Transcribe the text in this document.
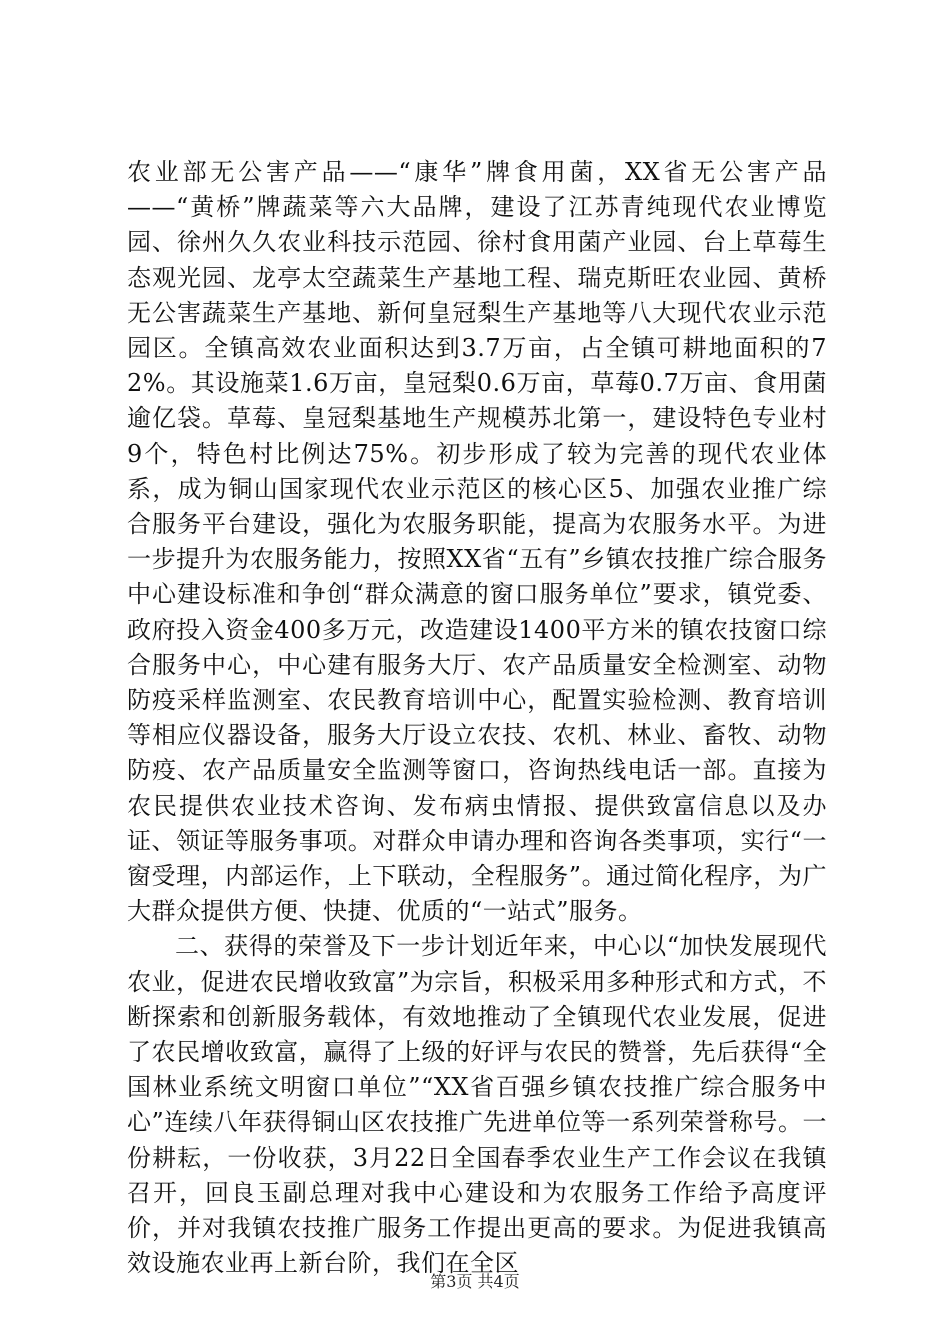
农业部无公害产品——“康华”牌食用菌，XX省无公害产品——“黄桥”牌蔬菜等六大品牌，建设了江苏青纯现代农业博览园、徐州久久农业科技示范园、徐村食用菌产业园、台上草莓生态观光园、龙亭太空蔬菜生产基地工程、瑞克斯旺农业园、黄桥无公害蔬菜生产基地、新何皇冠梨生产基地等八大现代农业示范园区。全镇高效农业面积达到3.7万亩，占全镇可耕地面积的72%。其设施菜1.6万亩，皇冠梨0.6万亩，草莓0.7万亩、食用菌逾亿袋。草莓、皇冠梨基地生产规模苏北第一，建设特色专业村9个，特色村比例达75%。初步形成了较为完善的现代农业体系，成为铜山国家现代农业示范区的核心区5、加强农业推广综合服务平台建设，强化为农服务职能，提高为农服务水平。为进一步提升为农服务能力，按照XX省“五有”乡镇农技推广综合服务中心建设标准和争创“群众满意的窗口服务单位”要求，镇党委、政府投入资金400多万元，改造建设1400平方米的镇农技窗口综合服务中心，中心建有服务大厅、农产品质量安全检测室、动物防疫采样监测室、农民教育培训中心，配置实验检测、教育培训等相应仪器设备，服务大厅设立农技、农机、林业、畜牧、动物防疫、农产品质量安全监测等窗口，咨询热线电话一部。直接为农民提供农业技术咨询、发布病虫情报、提供致富信息以及办证、领证等服务事项。对群众申请办理和咨询各类事项，实行“一窗受理，内部运作，上下联动，全程服务”。通过简化程序，为广大群众提供方便、快捷、优质的“一站式”服务。

二、获得的荣誉及下一步计划近年来，中心以“加快发展现代农业，促进农民增收致富”为宗旨，积极采用多种形式和方式，不断探索和创新服务载体，有效地推动了全镇现代农业发展，促进了农民增收致富，赢得了上级的好评与农民的赞誉，先后获得“全国林业系统文明窗口单位”“XX省百强乡镇农技推广综合服务中心”连续八年获得铜山区农技推广先进单位等一系列荣誉称号。一份耕耘，一份收获，3月22日全国春季农业生产工作会议在我镇召开，回良玉副总理对我中心建设和为农服务工作给予高度评价，并对我镇农技推广服务工作提出更高的要求。为促进我镇高效设施农业再上新台阶，我们在全区

第3页 共4页
